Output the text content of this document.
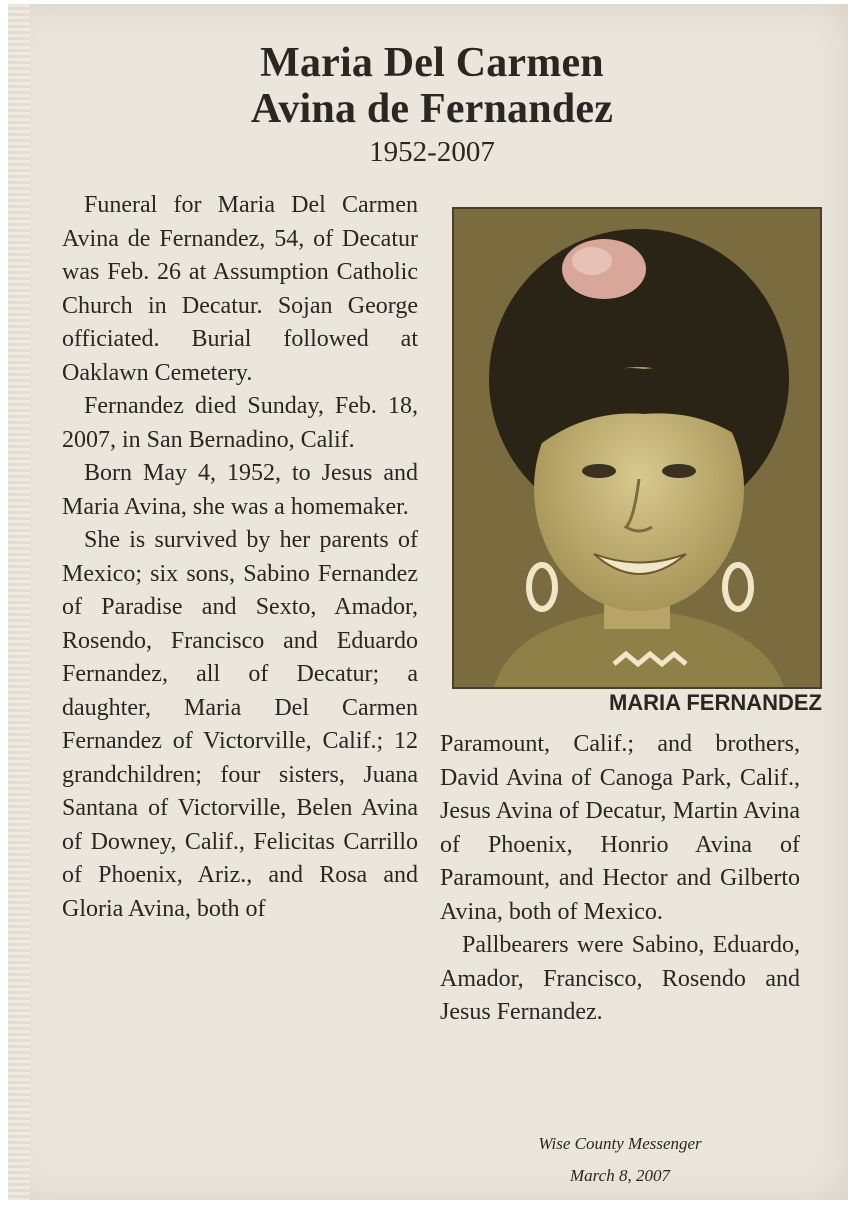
Maria Del Carmen
Avina de Fernandez
1952-2007

Funeral for Maria Del Carmen Avina de Fernandez, 54, of Decatur was Feb. 26 at Assumption Catholic Church in Decatur. Sojan George officiated. Burial followed at Oaklawn Cemetery.

Fernandez died Sunday, Feb. 18, 2007, in San Bernadino, Calif.

Born May 4, 1952, to Jesus and Maria Avina, she was a homemaker.

She is survived by her parents of Mexico; six sons, Sabino Fernandez of Paradise and Sexto, Amador, Rosendo, Francisco and Eduardo Fernandez, all of Decatur; a daughter, Maria Del Carmen Fernandez of Victorville, Calif.; 12 grandchildren; four sisters, Juana Santana of Victorville, Belen Avina of Downey, Calif., Felicitas Carrillo of Phoenix, Ariz., and Rosa and Gloria Avina, both of

MARIA FERNANDEZ

Paramount, Calif.; and brothers, David Avina of Canoga Park, Calif., Jesus Avina of Decatur, Martin Avina of Phoenix, Honrio Avina of Paramount, and Hector and Gilberto Avina, both of Mexico.

Pallbearers were Sabino, Eduardo, Amador, Francisco, Rosendo and Jesus Fernandez.

Wise County Messenger
March 8, 2007
